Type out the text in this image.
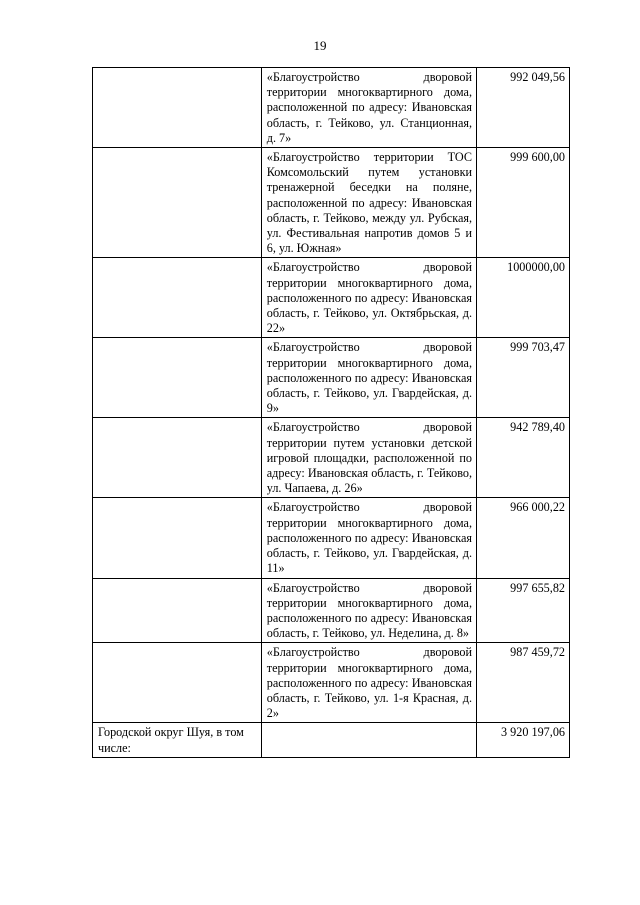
19
	«Благоустройство дворовой территории многоквартирного дома, расположенной по адресу: Ивановская область, г. Тейково, ул. Станционная, д. 7»	992 049,56
	«Благоустройство территории ТОС Комсомольский путем установки тренажерной беседки на поляне, расположенной по адресу: Ивановская область, г. Тейково, между ул. Рубская, ул. Фестивальная напротив домов 5 и 6, ул. Южная»	999 600,00
	«Благоустройство дворовой территории многоквартирного дома, расположенного по адресу: Ивановская область, г. Тейково, ул. Октябрьская, д. 22»	1000000,00
	«Благоустройство дворовой территории многоквартирного дома, расположенного по адресу: Ивановская область, г. Тейково, ул. Гвардейская, д. 9»	999 703,47
	«Благоустройство дворовой территории путем установки детской игровой площадки, расположенной по адресу: Ивановская область, г. Тейково, ул. Чапаева, д. 26»	942 789,40
	«Благоустройство дворовой территории многоквартирного дома, расположенного по адресу: Ивановская область, г. Тейково, ул. Гвардейская, д. 11»	966 000,22
	«Благоустройство дворовой территории многоквартирного дома, расположенного по адресу: Ивановская область, г. Тейково, ул. Неделина, д. 8»	997 655,82
	«Благоустройство дворовой территории многоквартирного дома, расположенного по адресу: Ивановская область, г. Тейково, ул. 1-я Красная, д. 2»	987 459,72
Городской округ Шуя, в том числе:		3 920 197,06
